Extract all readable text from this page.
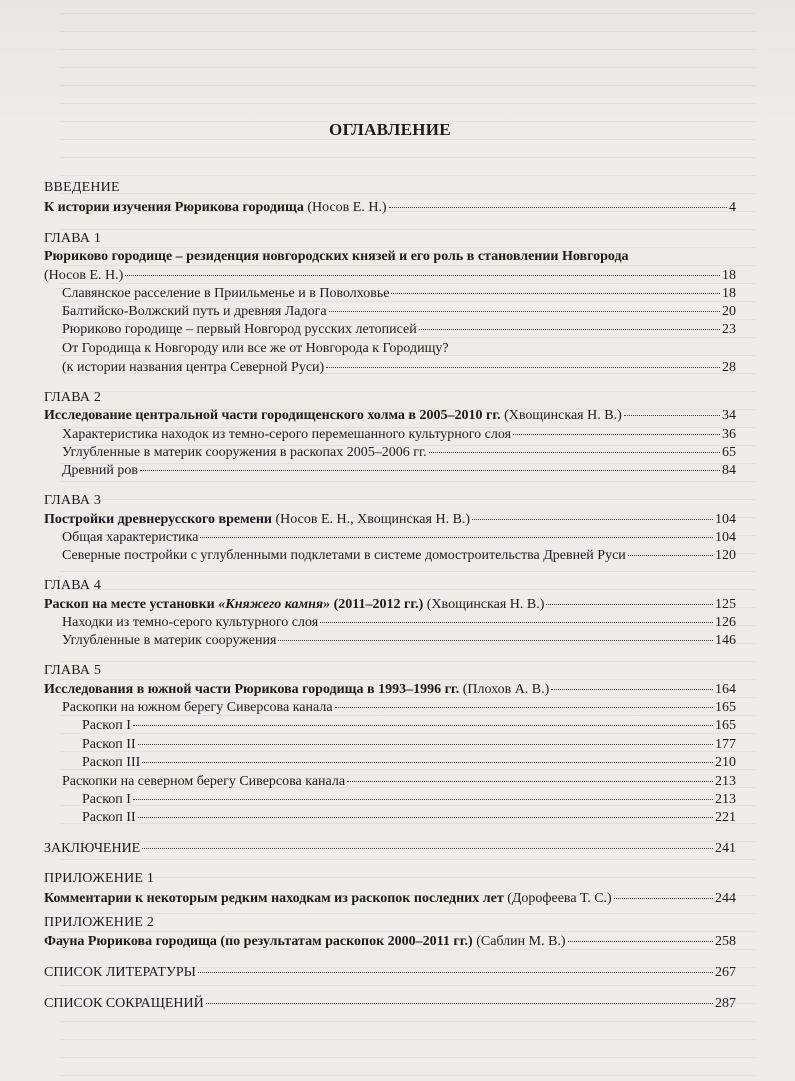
ОГЛАВЛЕНИЕ
ВВЕДЕНИЕ
К истории изучения Рюрикова городища (Носов Е. Н.)	4
ГЛАВА 1
Рюриково городище – резиденция новгородских князей и его роль в становлении Новгорода
(Носов Е. Н.)	18
Славянское расселение в Приильменье и в Поволховье	18
Балтийско-Волжский путь и древняя Ладога	20
Рюриково городище – первый Новгород русских летописей	23
От Городища к Новгороду или все же от Новгорода к Городищу?
(к истории названия центра Северной Руси)	28
ГЛАВА 2
Исследование центральной части городищенского холма в 2005–2010 гг. (Хвощинская Н. В.)	34
Характеристика находок из темно-серого перемешанного культурного слоя	36
Углубленные в материк сооружения в раскопах 2005–2006 гг.	65
Древний ров	84
ГЛАВА 3
Постройки древнерусского времени (Носов Е. Н., Хвощинская Н. В.)	104
Общая характеристика	104
Северные постройки с углубленными подклетами в системе домостроительства Древней Руси	120
ГЛАВА 4
Раскоп на месте установки «Княжего камня» (2011–2012 гг.) (Хвощинская Н. В.)	125
Находки из темно-серого культурного слоя	126
Углубленные в материк сооружения	146
ГЛАВА 5
Исследования в южной части Рюрикова городища в 1993–1996 гг. (Плохов А. В.)	164
Раскопки на южном берегу Сиверсова канала	165
Раскоп I	165
Раскоп II	177
Раскоп III	210
Раскопки на северном берегу Сиверсова канала	213
Раскоп I	213
Раскоп II	221
ЗАКЛЮЧЕНИЕ	241
ПРИЛОЖЕНИЕ 1
Комментарии к некоторым редким находкам из раскопок последних лет (Дорофеева Т. С.)	244
ПРИЛОЖЕНИЕ 2
Фауна Рюрикова городища (по результатам раскопок 2000–2011 гг.) (Саблин М. В.)	258
СПИСОК ЛИТЕРАТУРЫ	267
СПИСОК СОКРАЩЕНИЙ	287
